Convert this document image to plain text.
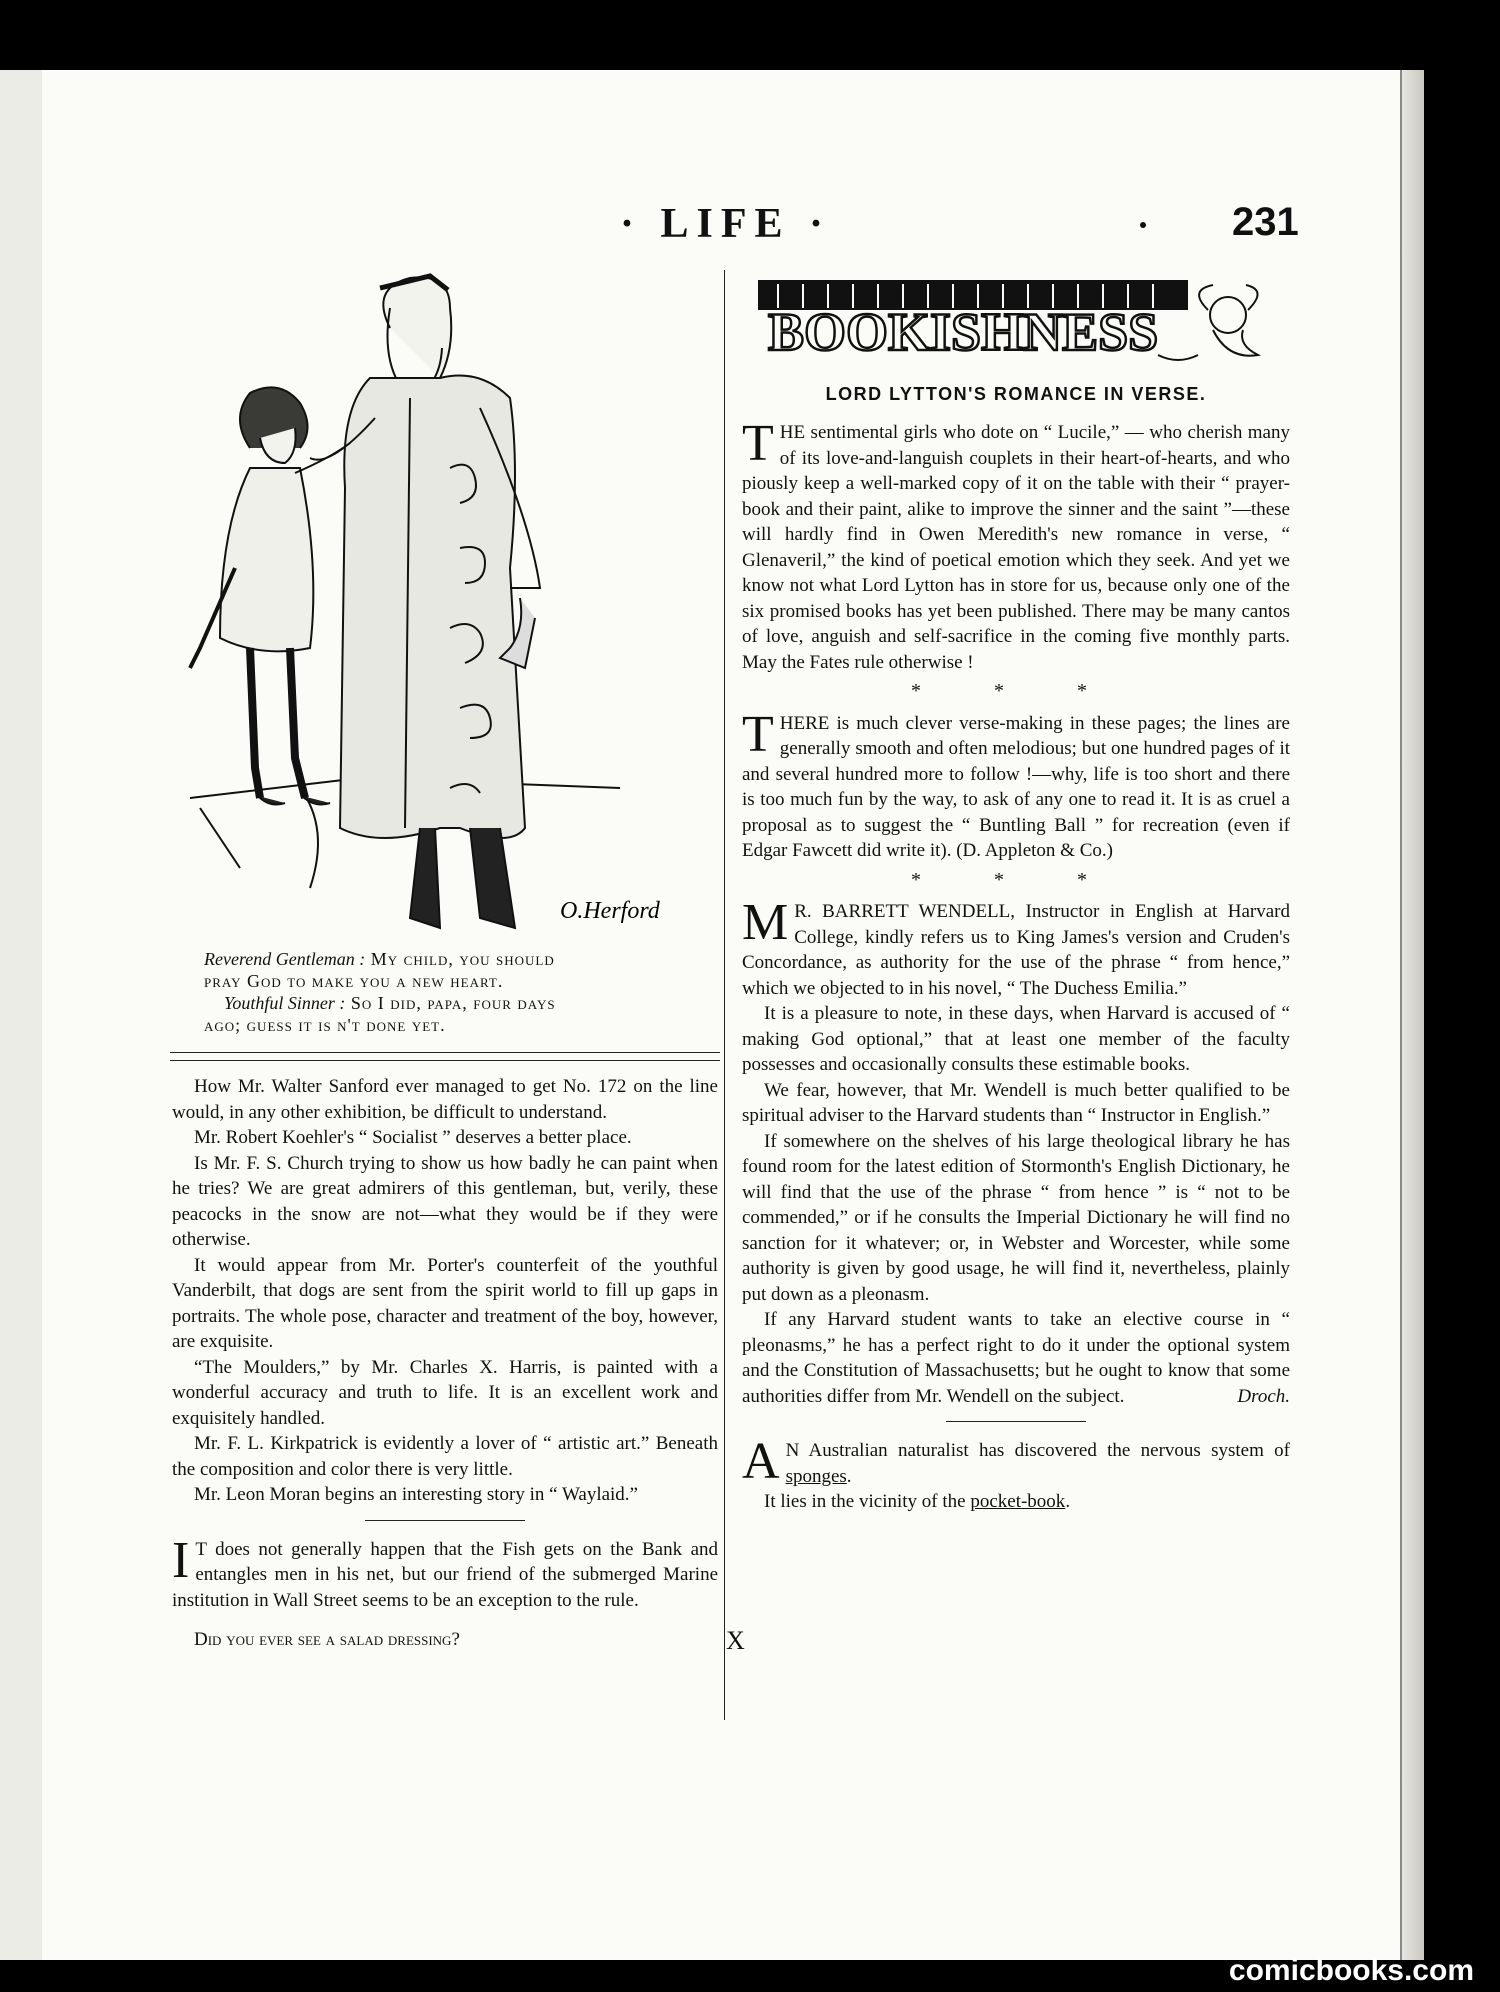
· LIFE ·	231
O.Herford
Reverend Gentleman : My child, you should
pray God to make you a new heart.
Youthful Sinner : So I did, papa, four days
ago; guess it is n't done yet.

How Mr. Walter Sanford ever managed to get No. 172 on the line would, in any other exhibition, be difficult to understand.

Mr. Robert Koehler's “ Socialist ” deserves a better place.

Is Mr. F. S. Church trying to show us how badly he can paint when he tries? We are great admirers of this gentleman, but, verily, these peacocks in the snow are not—what they would be if they were otherwise.

It would appear from Mr. Porter's counterfeit of the youthful Vanderbilt, that dogs are sent from the spirit world to fill up gaps in portraits. The whole pose, character and treatment of the boy, however, are exquisite.

“The Moulders,” by Mr. Charles X. Harris, is painted with a wonderful accuracy and truth to life. It is an excellent work and exquisitely handled.

Mr. F. L. Kirkpatrick is evidently a lover of “ artistic art.” Beneath the composition and color there is very little.

Mr. Leon Moran begins an interesting story in “ Waylaid.”

I T does not generally happen that the Fish gets on the Bank and entangles men in his net, but our friend of the submerged Marine institution in Wall Street seems to be an exception to the rule.

Did you ever see a salad dressing?

BOOKISHNESS
LORD LYTTON'S ROMANCE IN VERSE.

THE sentimental girls who dote on “ Lucile,” — who cherish many of its love-and-languish couplets in their heart-of-hearts, and who piously keep a well-marked copy of it on the table with their “ prayer-book and their paint, alike to improve the sinner and the saint ”—these will hardly find in Owen Meredith's new romance in verse, “ Glenaveril,” the kind of poetical emotion which they seek. And yet we know not what Lord Lytton has in store for us, because only one of the six promised books has yet been published. There may be many cantos of love, anguish and self-sacrifice in the coming five monthly parts. May the Fates rule otherwise !

* * *

THERE is much clever verse-making in these pages; the lines are generally smooth and often melodious; but one hundred pages of it and several hundred more to follow !—why, life is too short and there is too much fun by the way, to ask of any one to read it. It is as cruel a proposal as to suggest the “ Buntling Ball ” for recreation (even if Edgar Fawcett did write it). (D. Appleton & Co.)

* * *

M R. BARRETT WENDELL, Instructor in English at Harvard College, kindly refers us to King James's version and Cruden's Concordance, as authority for the use of the phrase “ from hence,” which we objected to in his novel, “ The Duchess Emilia.”

It is a pleasure to note, in these days, when Harvard is accused of “ making God optional,” that at least one member of the faculty possesses and occasionally consults these estimable books.

We fear, however, that Mr. Wendell is much better qualified to be spiritual adviser to the Harvard students than “ Instructor in English.”

If somewhere on the shelves of his large theological library he has found room for the latest edition of Stormonth's English Dictionary, he will find that the use of the phrase “ from hence ” is “ not to be commended,” or if he consults the Imperial Dictionary he will find no sanction for it whatever; or, in Webster and Worcester, while some authority is given by good usage, he will find it, nevertheless, plainly put down as a pleonasm.

If any Harvard student wants to take an elective course in “ pleonasms,” he has a perfect right to do it under the optional system and the Constitution of Massachusetts; but he ought to know that some authorities differ from Mr. Wendell on the subject.	Droch.

A N Australian naturalist has discovered the nervous system of sponges.

It lies in the vicinity of the pocket-book.

X
comicbooks.com
